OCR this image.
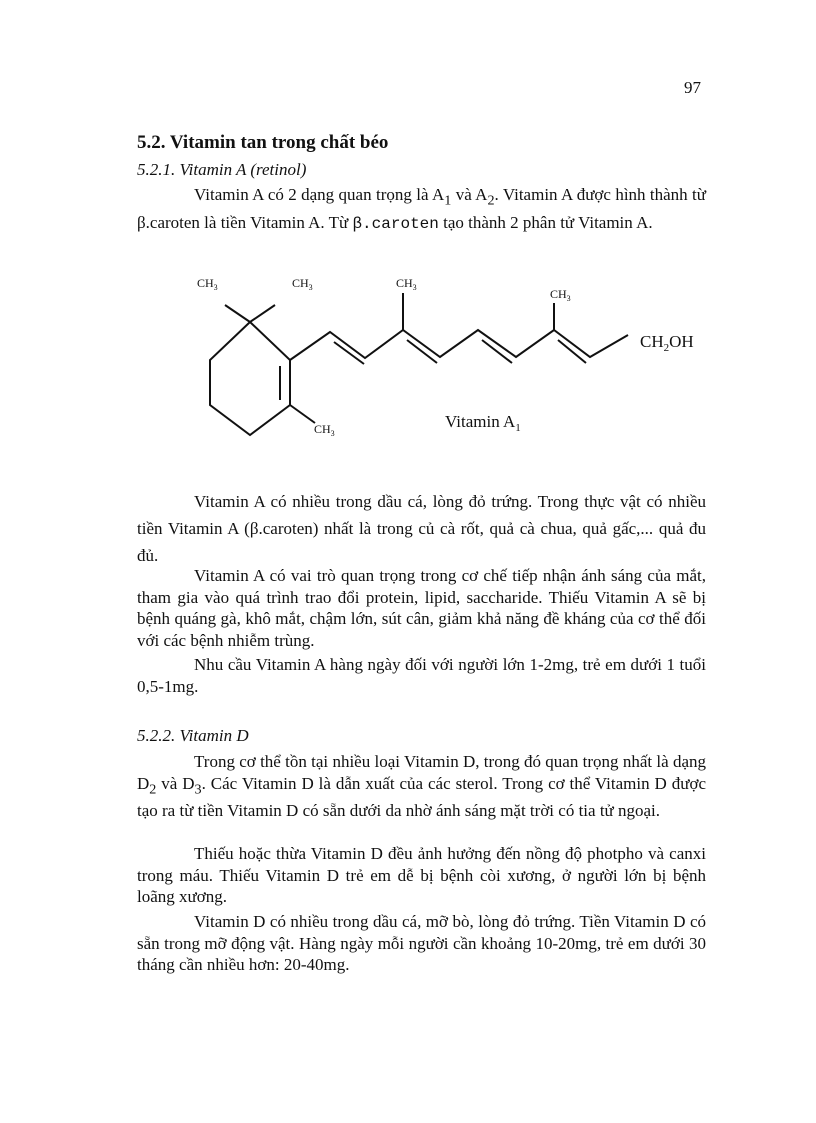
97
5.2. Vitamin tan trong chất béo
5.2.1. Vitamin A (retinol)

Vitamin A có 2 dạng quan trọng là $A_1$ và $A_2$. Vitamin A được hình thành từ β.caroten là tiền Vitamin A. Từ β.caroten tạo thành 2 phân tử Vitamin A.

$CH_3$	$CH_3$	$CH_3$	$CH_3$
$CH_3$
$CH_2OH$
Vitamin $A_1$

Vitamin A có nhiều trong dầu cá, lòng đỏ trứng. Trong thực vật có nhiều tiền Vitamin A (β.caroten) nhất là trong củ cà rốt, quả cà chua, quả gấc,... quả đu đủ.

Vitamin A có vai trò quan trọng trong cơ chế tiếp nhận ánh sáng của mắt, tham gia vào quá trình trao đổi protein, lipid, saccharide. Thiếu Vitamin A sẽ bị bệnh quáng gà, khô mắt, chậm lớn, sút cân, giảm khả năng đề kháng của cơ thể đối với các bệnh nhiễm trùng.

Nhu cầu Vitamin A hàng ngày đối với người lớn 1-2mg, trẻ em dưới 1 tuổi 0,5-1mg.

5.2.2. Vitamin D

Trong cơ thể tồn tại nhiều loại Vitamin D, trong đó quan trọng nhất là dạng $D_2$ và $D_3$. Các Vitamin D là dẫn xuất của các sterol. Trong cơ thể Vitamin D được tạo ra từ tiền Vitamin D có sẵn dưới da nhờ ánh sáng mặt trời có tia tử ngoại.

Thiếu hoặc thừa Vitamin D đều ảnh hưởng đến nồng độ photpho và canxi trong máu. Thiếu Vitamin D trẻ em dễ bị bệnh còi xương, ở người lớn bị bệnh loãng xương.

Vitamin D có nhiều trong dầu cá, mỡ bò, lòng đỏ trứng. Tiền Vitamin D có sẵn trong mỡ động vật. Hàng ngày mỗi người cần khoảng 10-20mg, trẻ em dưới 30 tháng cần nhiều hơn: 20-40mg.
